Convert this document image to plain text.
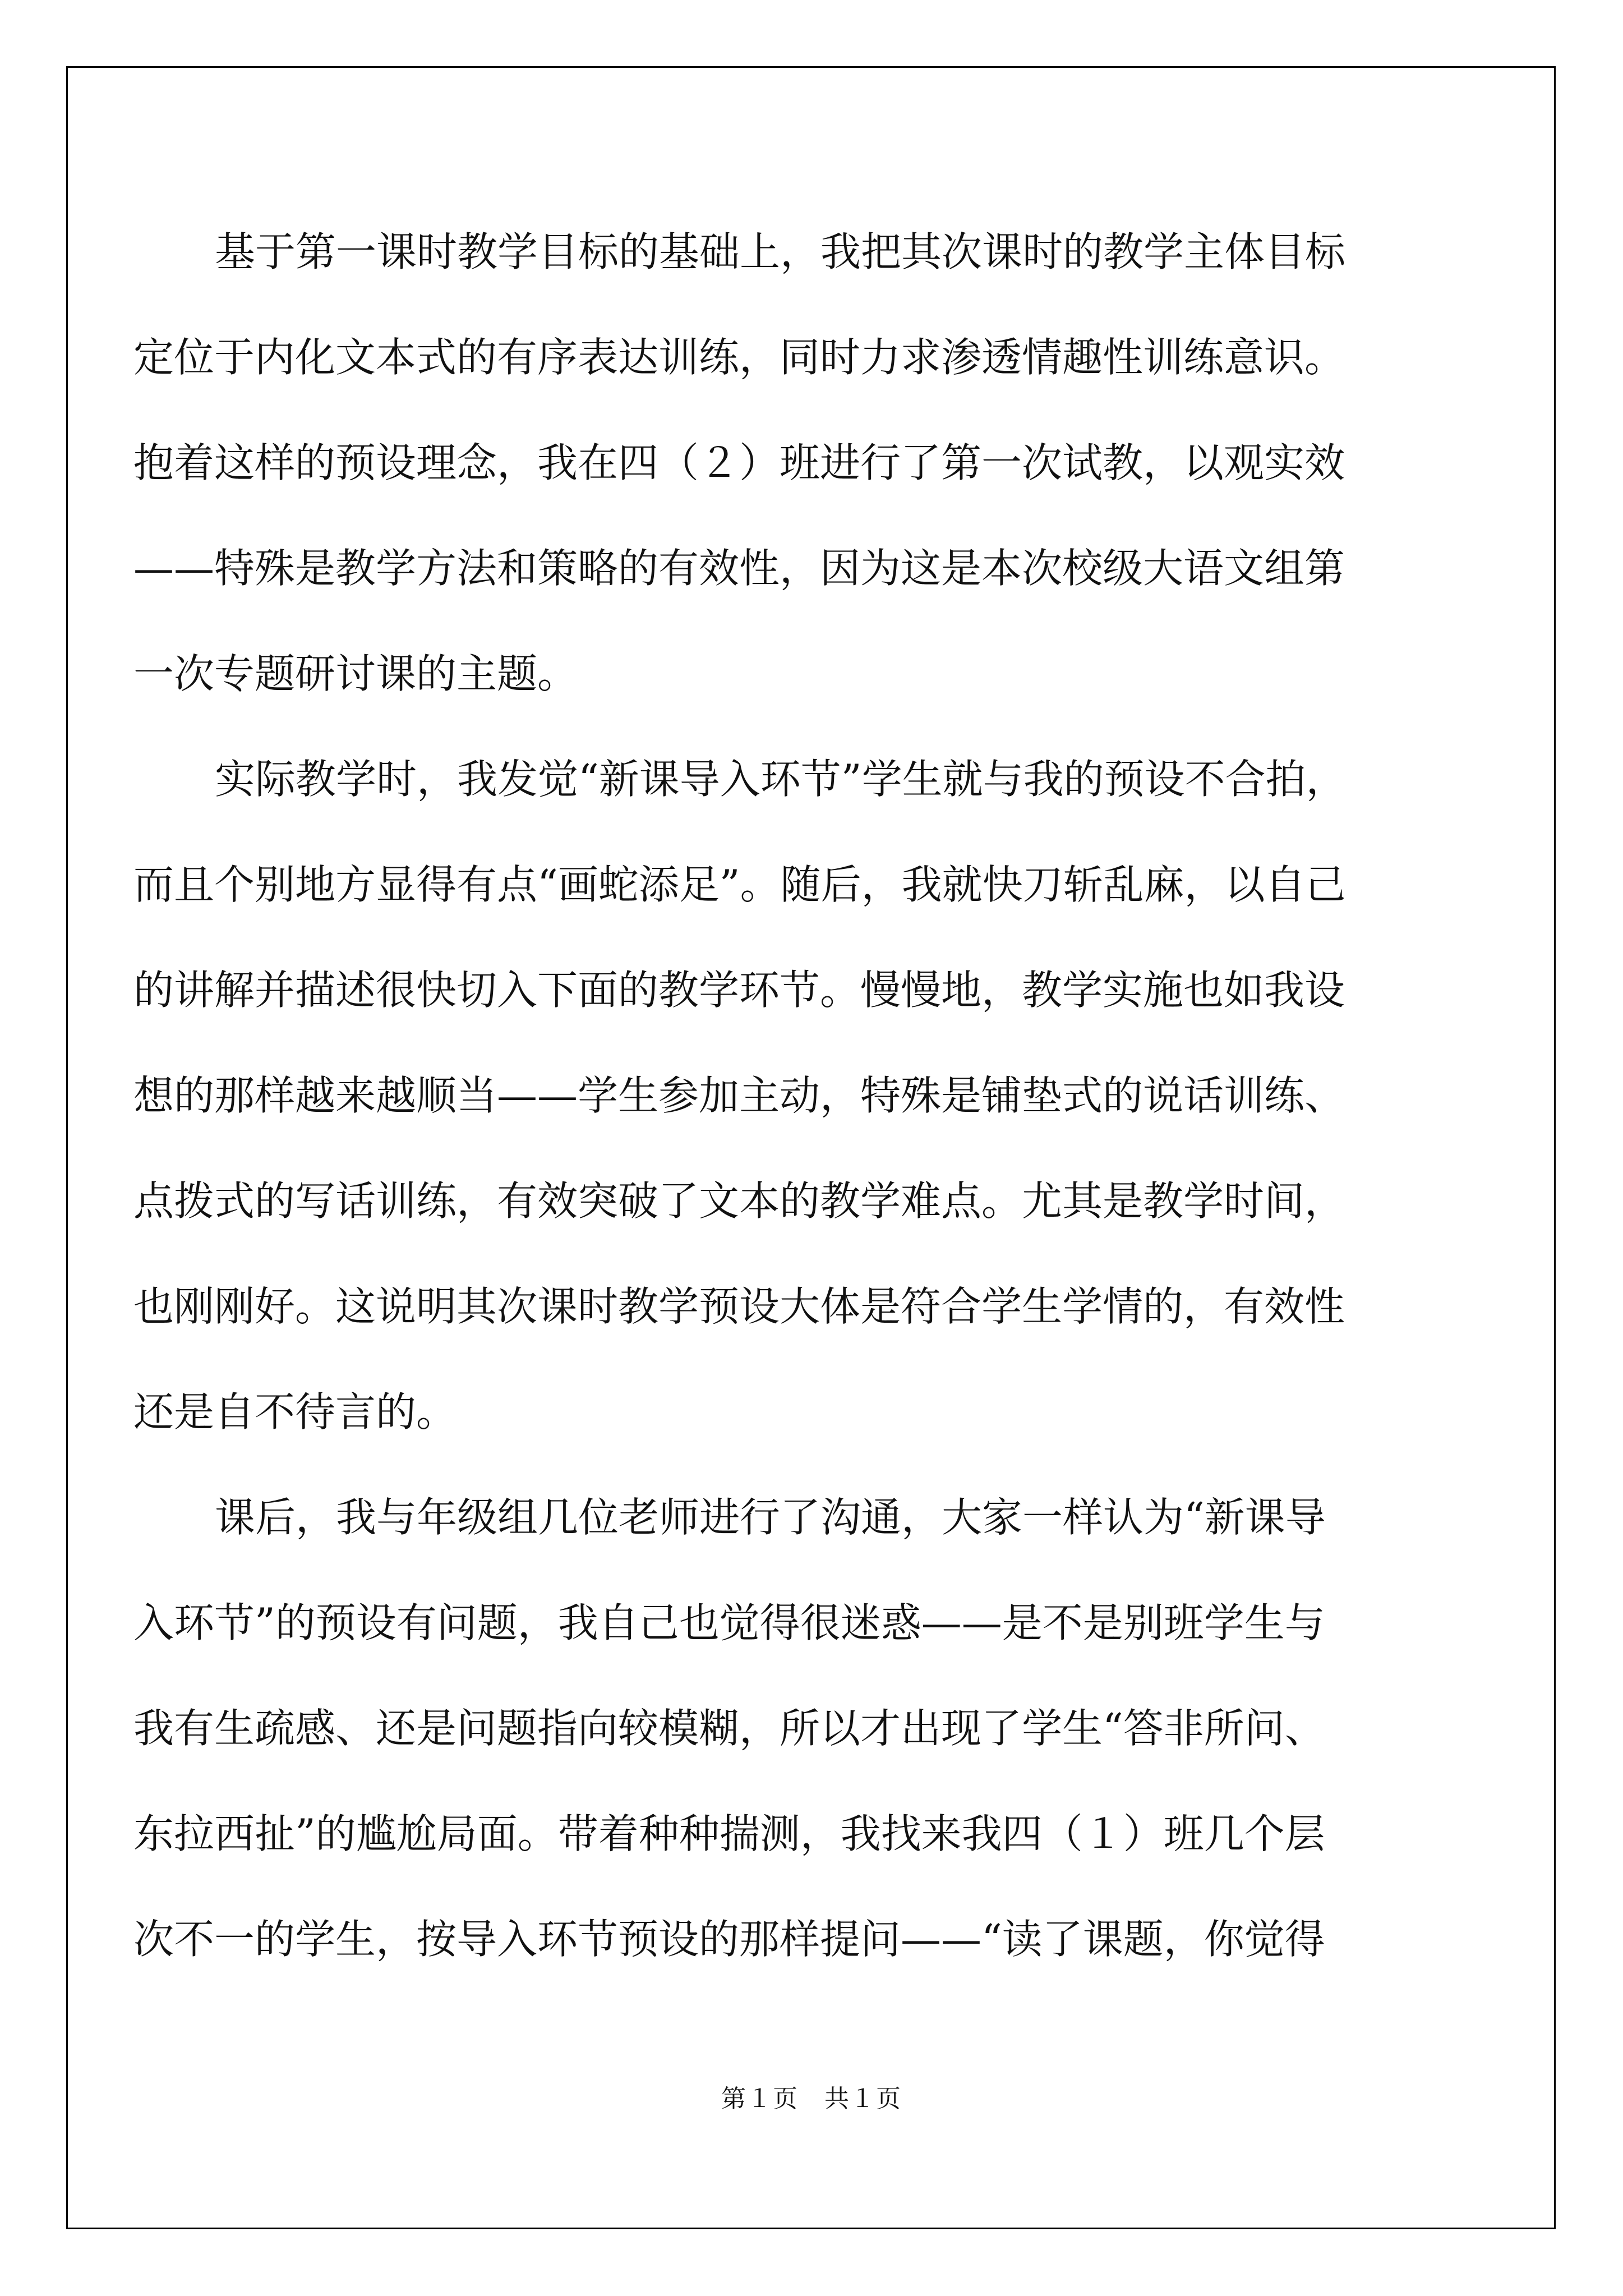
基于第一课时教学目标的基础上，我把其次课时的教学主体目标
定位于内化文本式的有序表达训练，同时力求渗透情趣性训练意识。
抱着这样的预设理念，我在四（２）班进行了第一次试教，以观实效
——特殊是教学方法和策略的有效性，因为这是本次校级大语文组第
一次专题研讨课的主题。
实际教学时，我发觉“新课导入环节”学生就与我的预设不合拍，
而且个别地方显得有点“画蛇添足”。随后，我就快刀斩乱麻，以自己
的讲解并描述很快切入下面的教学环节。慢慢地，教学实施也如我设
想的那样越来越顺当——学生参加主动，特殊是铺垫式的说话训练、
点拨式的写话训练，有效突破了文本的教学难点。尤其是教学时间，
也刚刚好。这说明其次课时教学预设大体是符合学生学情的，有效性
还是自不待言的。
课后，我与年级组几位老师进行了沟通，大家一样认为“新课导
入环节”的预设有问题，我自己也觉得很迷惑——是不是别班学生与
我有生疏感、还是问题指向较模糊，所以才出现了学生“答非所问、
东拉西扯”的尴尬局面。带着种种揣测，我找来我四（１）班几个层
次不一的学生，按导入环节预设的那样提问——“读了课题，你觉得
第１页　共１页
